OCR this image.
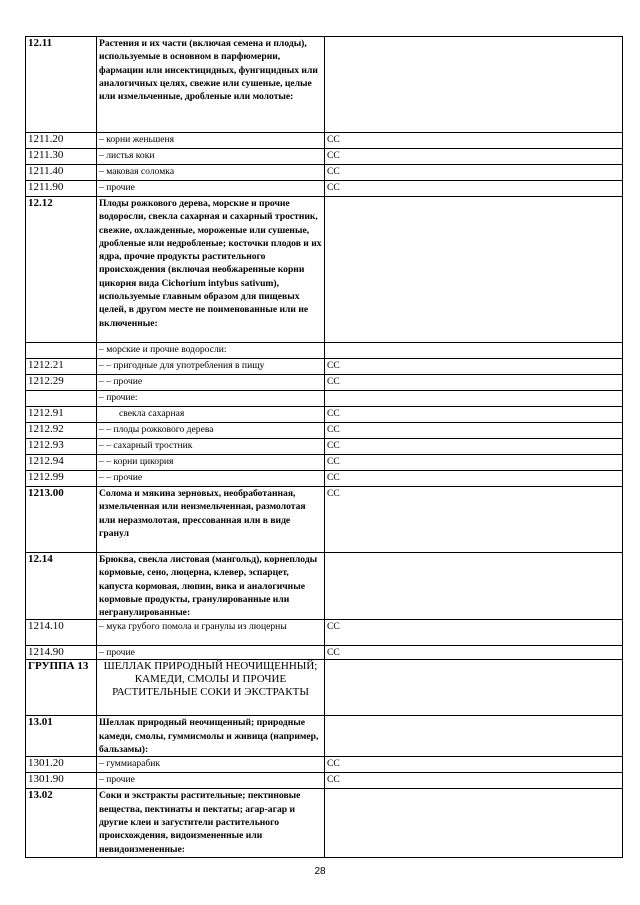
12.11	Растения и их части (включая семена и плоды), используемые в основном в парфюмерии, фармации или инсектицидных, фунгицидных или аналогичных целях, свежие или сушеные, целые или измельченные, дробленые или молотые:	
1211.20	– корни женьшеня	СС
1211.30	– листья коки	СС
1211.40	– маковая соломка	СС
1211.90	– прочие	СС
12.12	Плоды рожкового дерева, морские и прочие водоросли, свекла сахарная и сахарный тростник, свежие, охлажденные, мороженые или сушеные, дробленые или недробленые; косточки плодов и их ядра, прочие продукты растительного происхождения (включая необжаренные корни цикория вида Cichorium intybus sativum), используемые главным образом для пищевых целей, в другом месте не поименованные или не включенные:	
	– морские и прочие водоросли:	
1212.21	– – пригодные для употребления в пищу	СС
1212.29	– – прочие	СС
	– прочие:	
1212.91	свекла сахарная	СС
1212.92	– – плоды рожкового дерева	СС
1212.93	– – сахарный тростник	СС
1212.94	– – корни цикория	СС
1212.99	– – прочие	СС
1213.00	Солома и мякина зерновых, необработанная, измельченная или неизмельченная, размолотая или неразмолотая, прессованная или в виде гранул	СС
12.14	Брюква, свекла листовая (мангольд), корнеплоды кормовые, сено, люцерна, клевер, эспарцет, капуста кормовая, люпин, вика и аналогичные кормовые продукты, гранулированные или негранулированные:	
1214.10	– мука грубого помола и гранулы из люцерны	СС
1214.90	– прочие	СС
ГРУППА 13	ШЕЛЛАК ПРИРОДНЫЙ НЕОЧИЩЕННЫЙ; КАМЕДИ, СМОЛЫ И ПРОЧИЕ РАСТИТЕЛЬНЫЕ СОКИ И ЭКСТРАКТЫ	
13.01	Шеллак природный неочищенный; природные камеди, смолы, гуммисмолы и живица (например, бальзамы):	
1301.20	– гуммиарабик	СС
1301.90	– прочие	СС
13.02	Соки и экстракты растительные; пектиновые вещества, пектинаты и пектаты; агар-агар и другие клеи и загустители растительного происхождения, видоизмененные или невидоизмененные:	
28
